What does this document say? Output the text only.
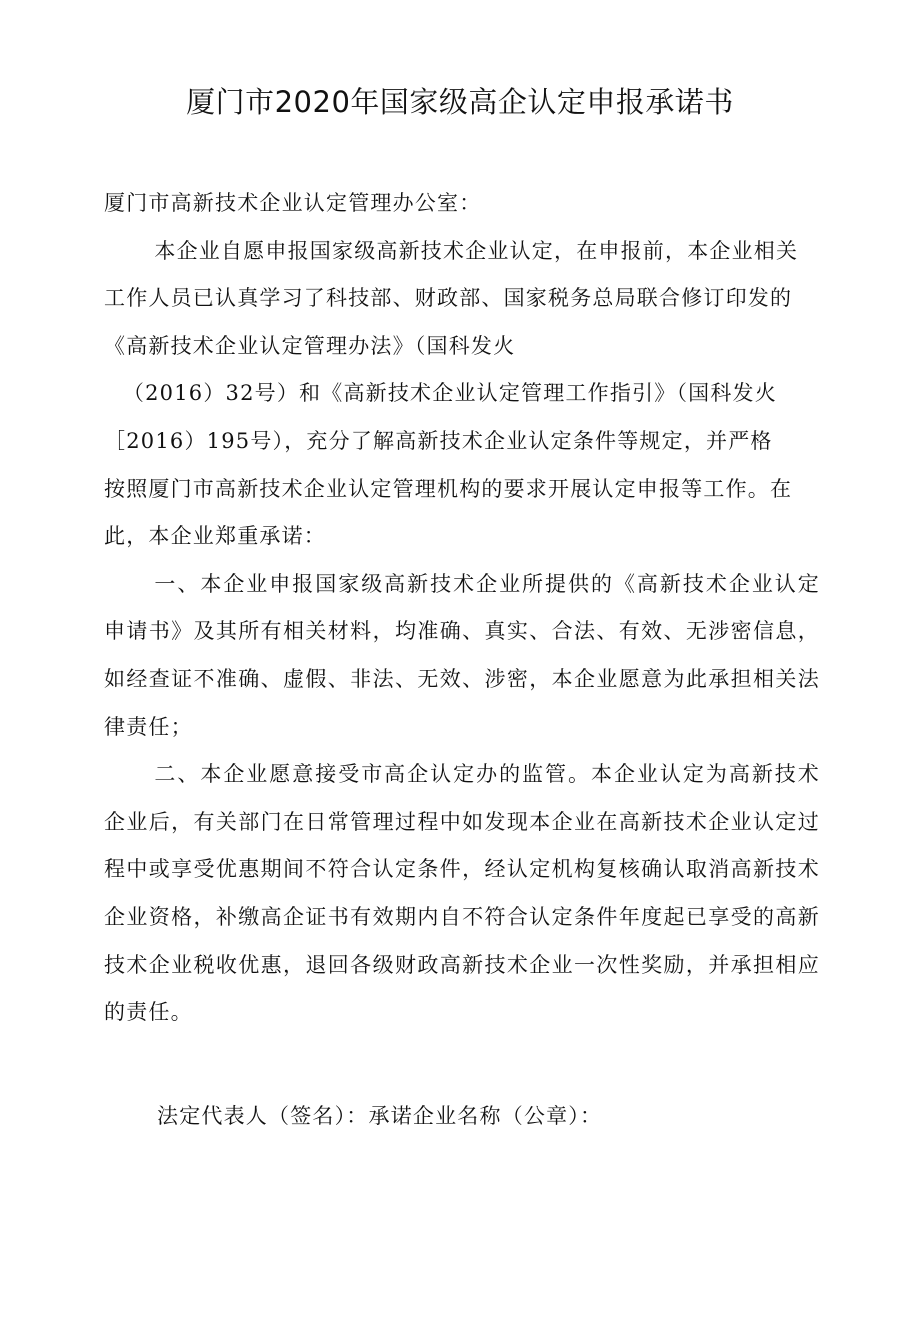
厦门市2020年国家级高企认定申报承诺书

厦门市高新技术企业认定管理办公室：

本企业自愿申报国家级高新技术企业认定，在申报前，本企业相关
工作人员已认真学习了科技部、财政部、国家税务总局联合修订印发的
《高新技术企业认定管理办法》（国科发火
（2016）32号）和《高新技术企业认定管理工作指引》（国科发火
［2016）195号），充分了解高新技术企业认定条件等规定，并严格
按照厦门市高新技术企业认定管理机构的要求开展认定申报等工作。在
此，本企业郑重承诺：

一、本企业申报国家级高新技术企业所提供的《高新技术企业认定申请书》及其所有相关材料，均准确、真实、合法、有效、无涉密信息，如经查证不准确、虚假、非法、无效、涉密，本企业愿意为此承担相关法律责任；

二、本企业愿意接受市高企认定办的监管。本企业认定为高新技术企业后，有关部门在日常管理过程中如发现本企业在高新技术企业认定过程中或享受优惠期间不符合认定条件，经认定机构复核确认取消高新技术企业资格，补缴高企证书有效期内自不符合认定条件年度起已享受的高新技术企业税收优惠，退回各级财政高新技术企业一次性奖励，并承担相应的责任。

法定代表人（签名）：承诺企业名称（公章）：
